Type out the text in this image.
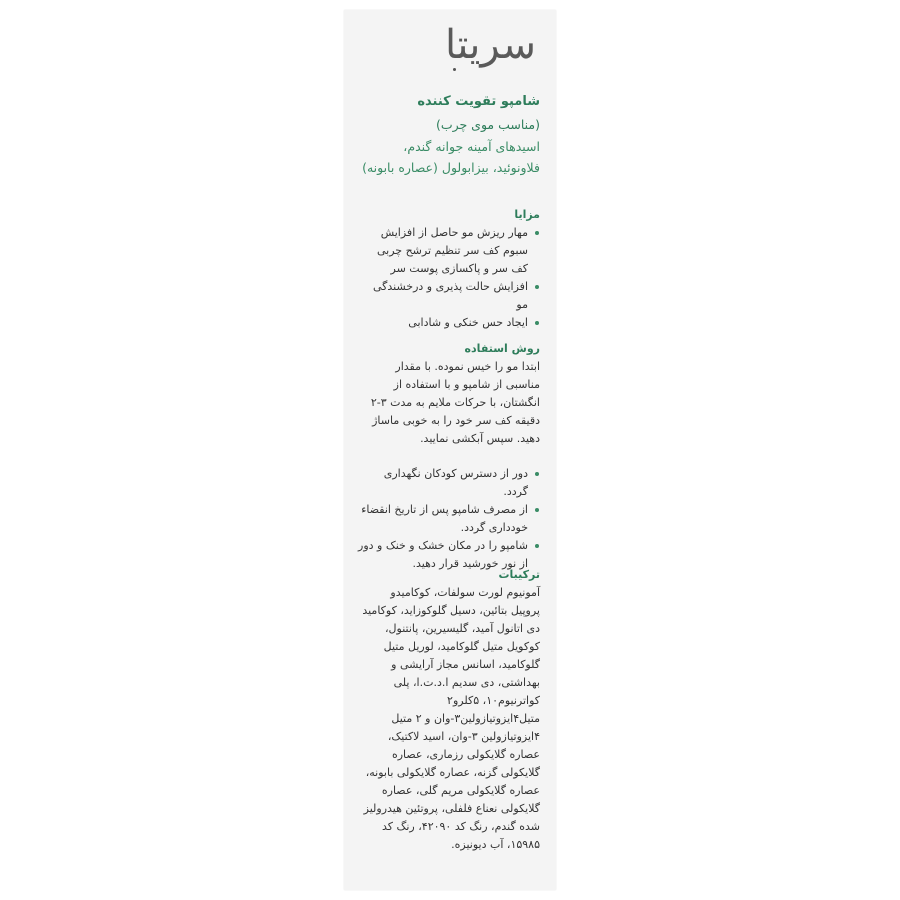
سریتا
شامپو تقویت کننده
(مناسب موی چرب)
اسیدهای آمینه جوانه گندم، فلاونوئید، بیزابولول (عصاره بابونه)

مزایا

مهار ریزش مو حاصل از افزایش سبوم کف سر تنظیم ترشح چربی کف سر و پاکسازی پوست سر
افزایش حالت پذیری و درخشندگی مو
ایجاد حس خنکی و شادابی

روش استفاده

ابتدا مو را خیس نموده. با مقدار مناسبی از شامپو و با استفاده از انگشتان، با حرکات ملایم به مدت ۳-۲ دقیقه کف سر خود را به خوبی ماساژ دهید. سپس آبکشی نمایید.

دور از دسترس کودکان نگهداری گردد.
از مصرف شامپو پس از تاریخ انقضاء خودداری گردد.
شامپو را در مکان خشک و خنک و دور از نور خورشید قرار دهید.

ترکیبات

آمونیوم لورت سولفات، کوکامیدو پروپیل بتائین، دسیل گلوکوزاید، کوکامید دی اتانول آمید، گلیسیرین، پانتنول، کوکویل متیل گلوکامید، لوریل متیل گلوکامید، اسانس مجاز آرایشی و بهداشتی، دی سدیم ا.د.ت.ا، پلی کواترنیوم۱۰، ۵کلرو۲ متیل۴ایزوتیازولین۳-وان و ۲ متیل ۴ایزوتیازولین ۳-وان، اسید لاکتیک، عصاره گلایکولی رزماری، عصاره گلایکولی گزنه، عصاره گلایکولی بابونه، عصاره گلایکولی مریم گلی، عصاره گلایکولی نعناع فلفلی، پروتئین هیدرولیز شده گندم، رنگ کد ۴۲۰۹۰، رنگ کد ۱۵۹۸۵، آب دیونیزه.
